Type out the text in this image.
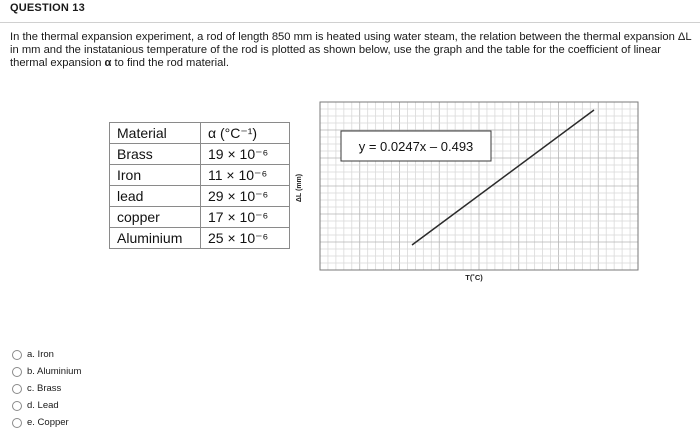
QUESTION 13
In the thermal expansion experiment, a rod of length 850 mm is heated using water steam, the relation between the thermal expansion ΔL in mm and the instatanious temperature of the rod is plotted as shown below, use the graph and the table for the coefficient of linear thermal expansion α to find the rod material.
Material	α (°C⁻¹)
Brass	19 × 10⁻⁶
Iron	11 × 10⁻⁶
lead	29 × 10⁻⁶
copper	17 × 10⁻⁶
Aluminium	25 × 10⁻⁶
ΔL (mm)
y = 0.0247x – 0.493
T(˚C)
a. Iron
b. Aluminium
c. Brass
d. Lead
e. Copper
